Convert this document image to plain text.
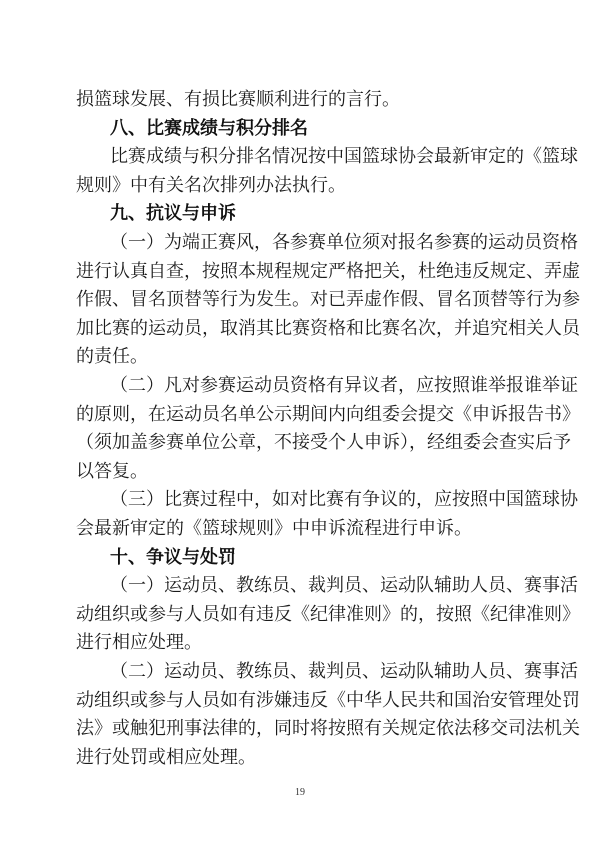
损篮球发展、有损比赛顺利进行的言行。
八、比赛成绩与积分排名
比赛成绩与积分排名情况按中国篮球协会最新审定的《篮球
规则》中有关名次排列办法执行。
九、抗议与申诉
（一）为端正赛风，各参赛单位须对报名参赛的运动员资格
进行认真自查，按照本规程规定严格把关，杜绝违反规定、弄虚
作假、冒名顶替等行为发生。对已弄虚作假、冒名顶替等行为参
加比赛的运动员，取消其比赛资格和比赛名次，并追究相关人员
的责任。
（二）凡对参赛运动员资格有异议者，应按照谁举报谁举证
的原则，在运动员名单公示期间内向组委会提交《申诉报告书》
（须加盖参赛单位公章，不接受个人申诉），经组委会查实后予
以答复。
（三）比赛过程中，如对比赛有争议的，应按照中国篮球协
会最新审定的《篮球规则》中申诉流程进行申诉。
十、争议与处罚
（一）运动员、教练员、裁判员、运动队辅助人员、赛事活
动组织或参与人员如有违反《纪律准则》的，按照《纪律准则》
进行相应处理。
（二）运动员、教练员、裁判员、运动队辅助人员、赛事活
动组织或参与人员如有涉嫌违反《中华人民共和国治安管理处罚
法》或触犯刑事法律的，同时将按照有关规定依法移交司法机关
进行处罚或相应处理。
19
